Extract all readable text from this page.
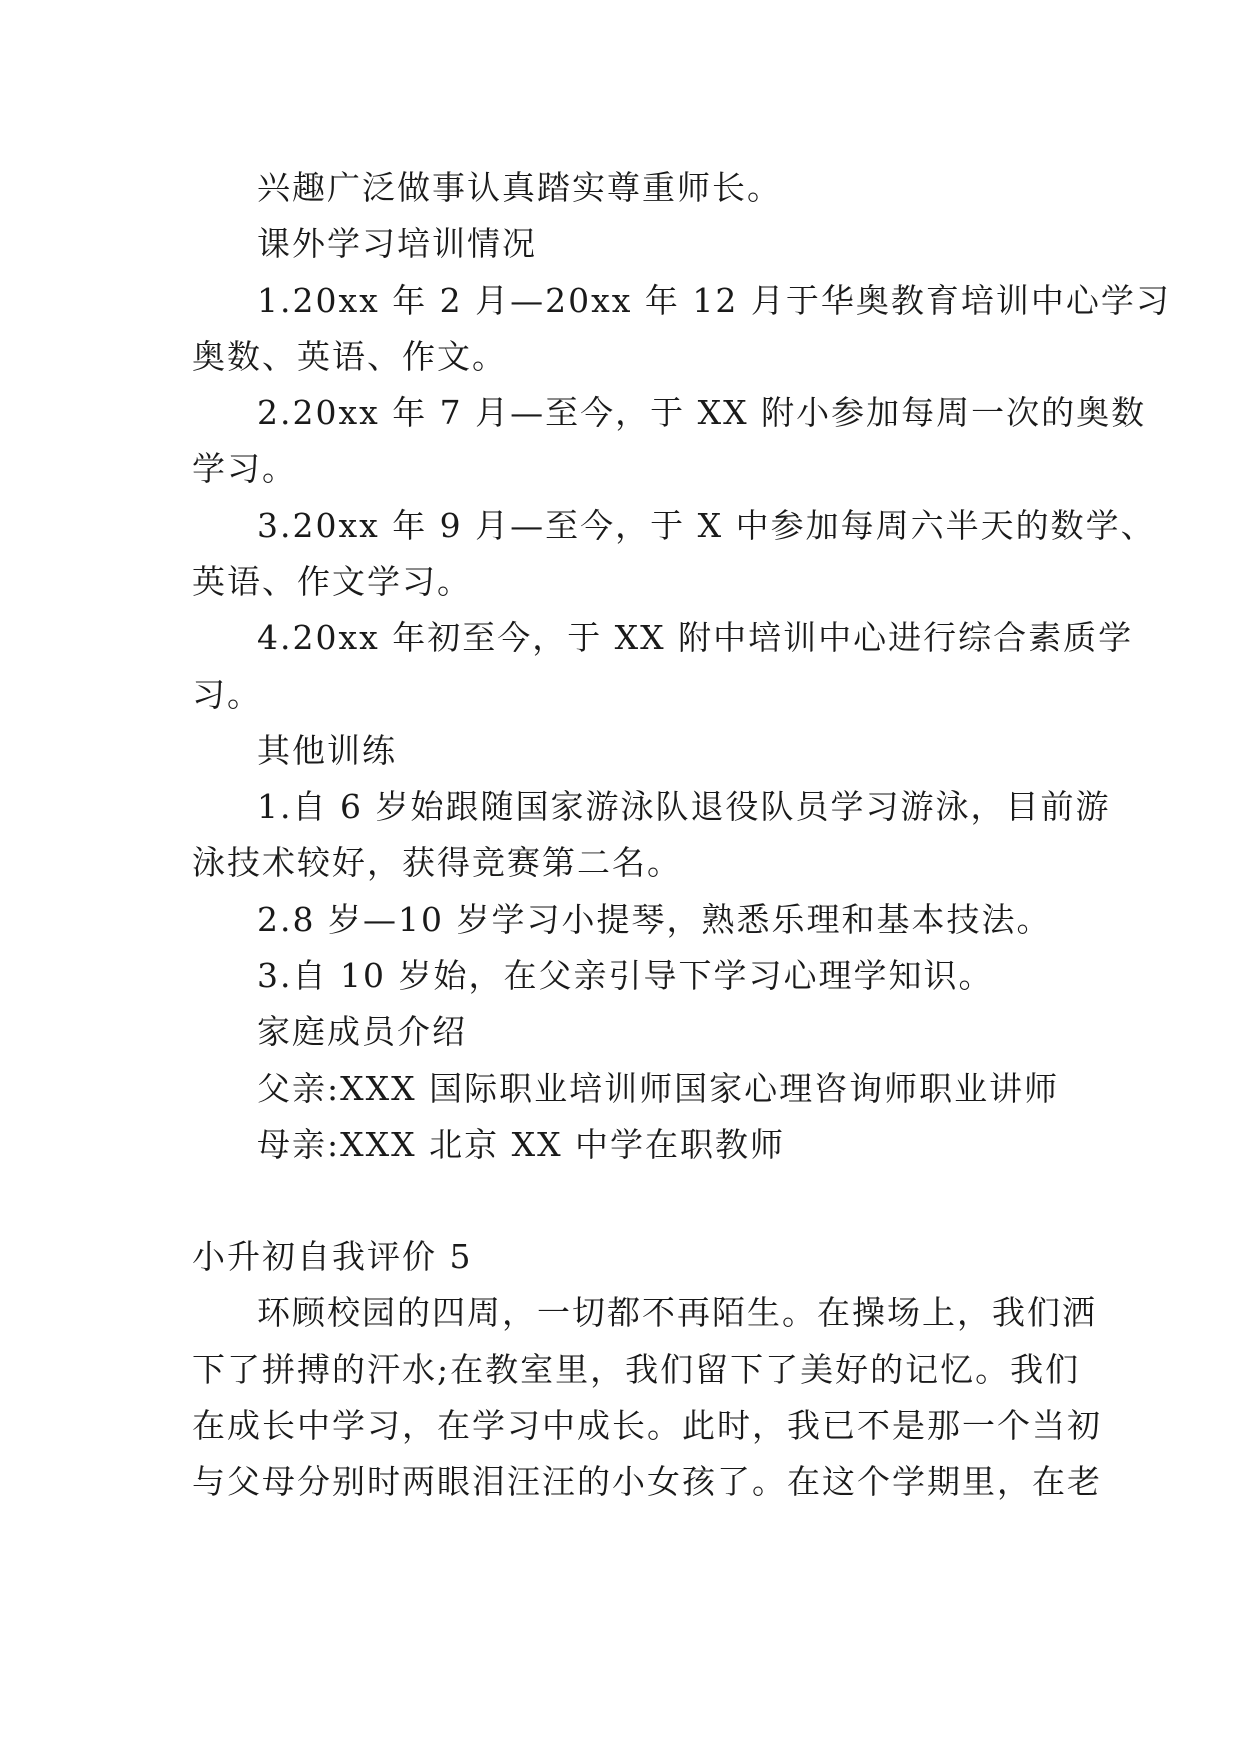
兴趣广泛做事认真踏实尊重师长。
课外学习培训情况
1.20xx 年 2 月—20xx 年 12 月于华奥教育培训中心学习
奥数、英语、作文。
2.20xx 年 7 月—至今，于 XX 附小参加每周一次的奥数
学习。
3.20xx 年 9 月—至今，于 X 中参加每周六半天的数学、
英语、作文学习。
4.20xx 年初至今，于 XX 附中培训中心进行综合素质学
习。
其他训练
1.自 6 岁始跟随国家游泳队退役队员学习游泳，目前游
泳技术较好，获得竞赛第二名。
2.8 岁—10 岁学习小提琴，熟悉乐理和基本技法。
3.自 10 岁始，在父亲引导下学习心理学知识。
家庭成员介绍
父亲:XXX 国际职业培训师国家心理咨询师职业讲师
母亲:XXX 北京 XX 中学在职教师
小升初自我评价 5
环顾校园的四周，一切都不再陌生。在操场上，我们洒
下了拼搏的汗水;在教室里，我们留下了美好的记忆。我们
在成长中学习，在学习中成长。此时，我已不是那一个当初
与父母分别时两眼泪汪汪的小女孩了。在这个学期里，在老
